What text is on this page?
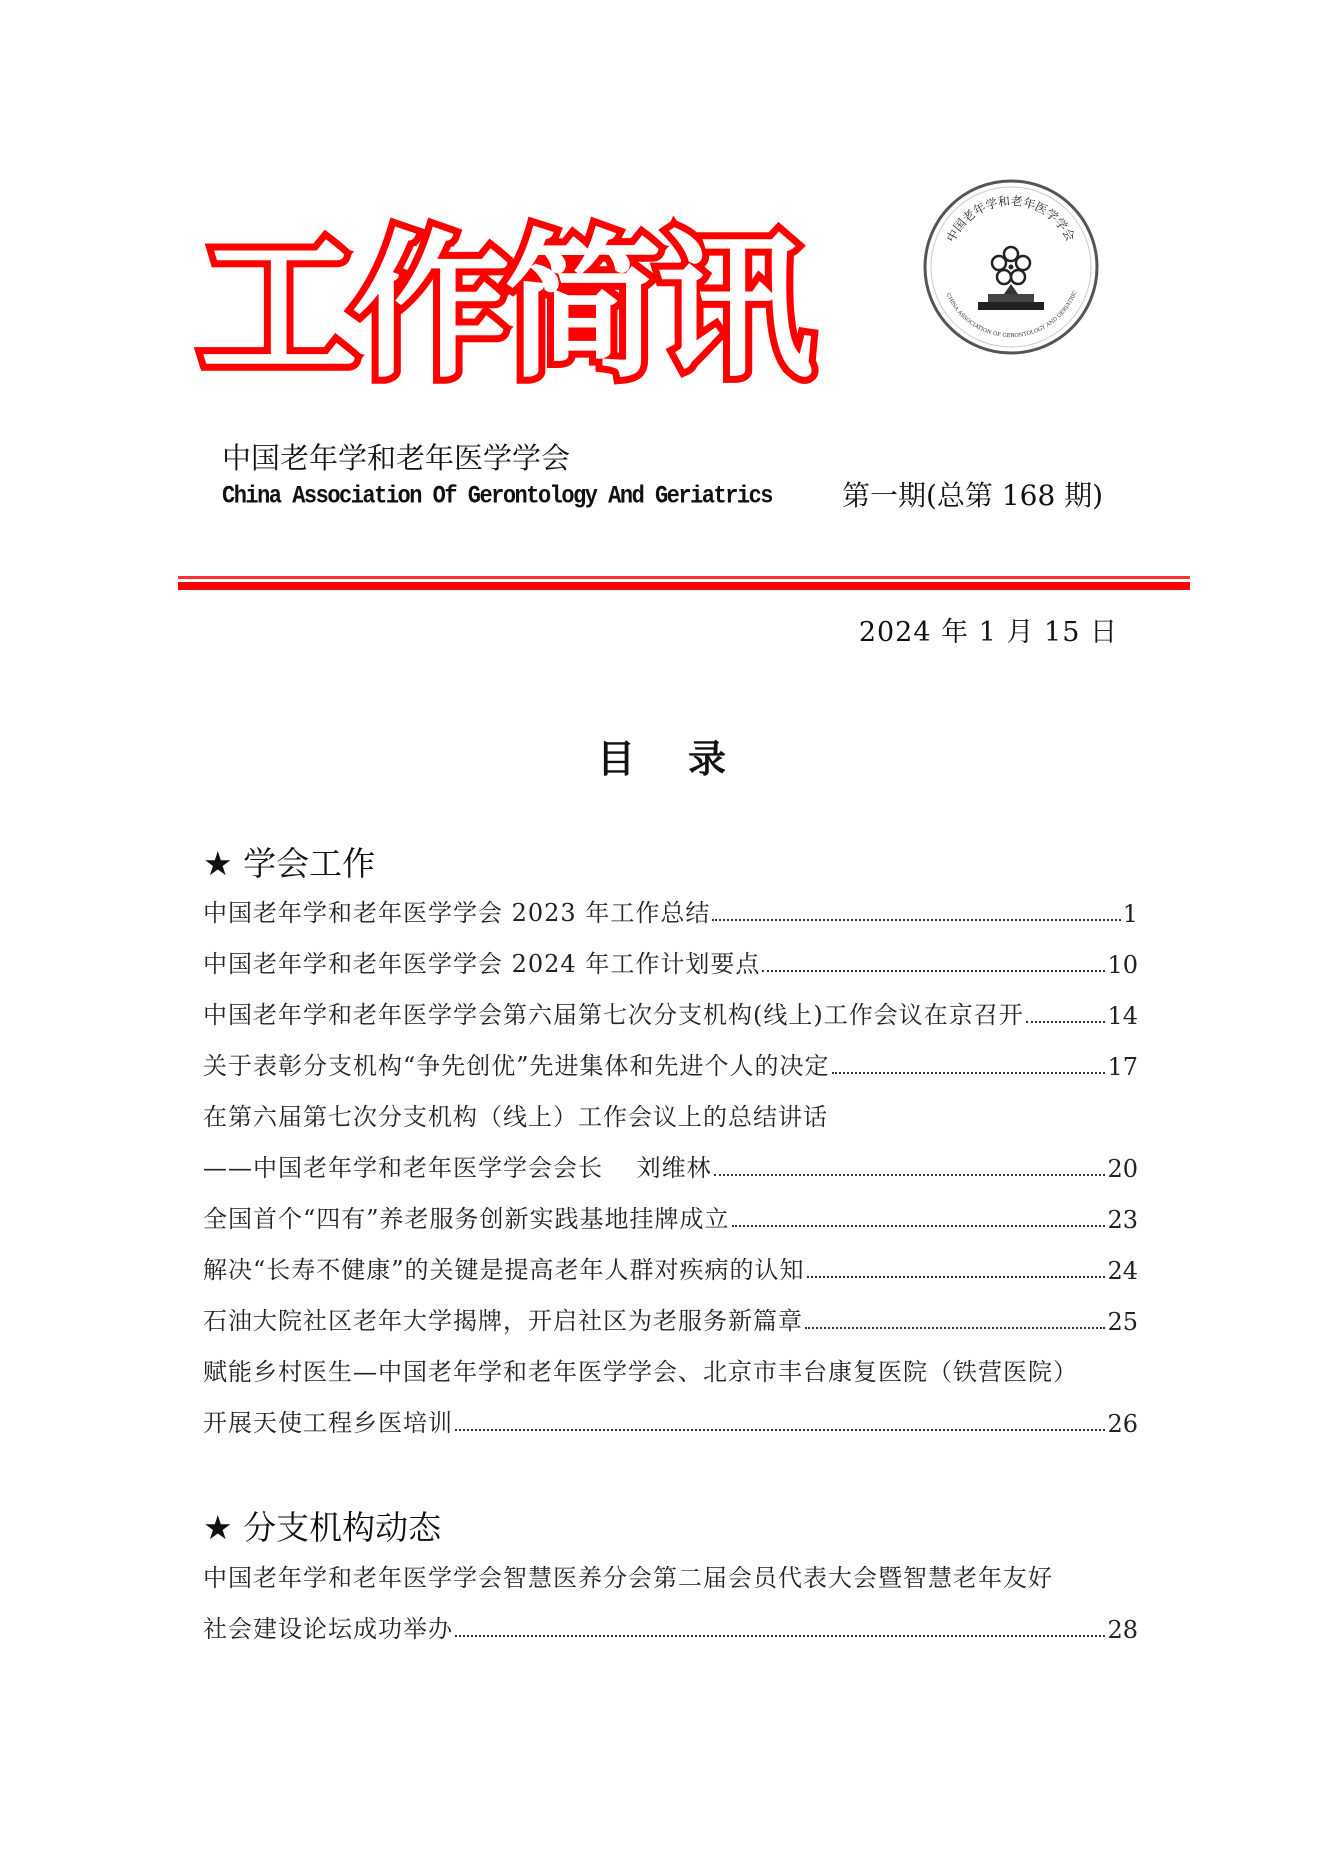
工作简讯	中国老年学和老年医学学会
CHINA ASSOCIATION OF GERONTOLOGY AND GERIATRIC
中国老年学和老年医学学会
China Association Of Gerontology And Geriatrics 第一期(总第 168 期)
2024 年 1 月 15 日
目    录
★ 学会工作
中国老年学和老年医学学会 2023 年工作总结	1
中国老年学和老年医学学会 2024 年工作计划要点	10
中国老年学和老年医学学会第六届第七次分支机构(线上)工作会议在京召开	14
关于表彰分支机构“争先创优”先进集体和先进个人的决定	17
在第六届第七次分支机构（线上）工作会议上的总结讲话
——中国老年学和老年医学学会会长　 刘维林	20
全国首个“四有”养老服务创新实践基地挂牌成立	23
解决“长寿不健康”的关键是提高老年人群对疾病的认知	24
石油大院社区老年大学揭牌，开启社区为老服务新篇章	25
赋能乡村医生—中国老年学和老年医学学会、北京市丰台康复医院（铁营医院）
开展天使工程乡医培训	26
★ 分支机构动态
中国老年学和老年医学学会智慧医养分会第二届会员代表大会暨智慧老年友好
社会建设论坛成功举办	28
